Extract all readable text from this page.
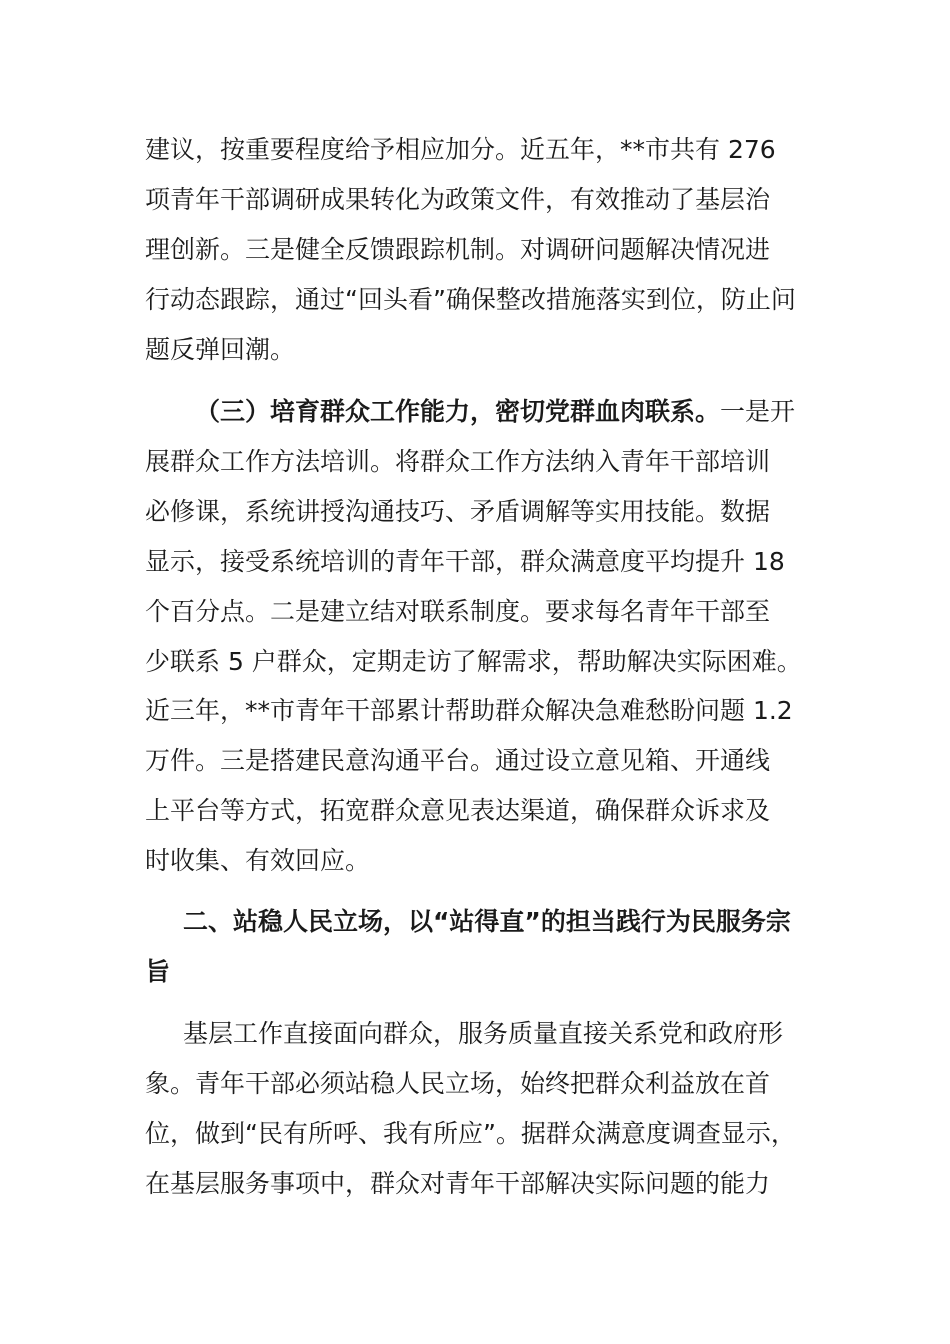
建议，按重要程度给予相应加分。近五年，**市共有 276
项青年干部调研成果转化为政策文件，有效推动了基层治
理创新。三是健全反馈跟踪机制。对调研问题解决情况进
行动态跟踪，通过“回头看”确保整改措施落实到位，防止问
题反弹回潮。
（三）培育群众工作能力，密切党群血肉联系。一是开
展群众工作方法培训。将群众工作方法纳入青年干部培训
必修课，系统讲授沟通技巧、矛盾调解等实用技能。数据
显示，接受系统培训的青年干部，群众满意度平均提升 18
个百分点。二是建立结对联系制度。要求每名青年干部至
少联系 5 户群众，定期走访了解需求，帮助解决实际困难。
近三年，**市青年干部累计帮助群众解决急难愁盼问题 1.2
万件。三是搭建民意沟通平台。通过设立意见箱、开通线
上平台等方式，拓宽群众意见表达渠道，确保群众诉求及
时收集、有效回应。
二、站稳人民立场，以“站得直”的担当践行为民服务宗
旨
基层工作直接面向群众，服务质量直接关系党和政府形
象。青年干部必须站稳人民立场，始终把群众利益放在首
位，做到“民有所呼、我有所应”。据群众满意度调查显示，
在基层服务事项中，群众对青年干部解决实际问题的能力
